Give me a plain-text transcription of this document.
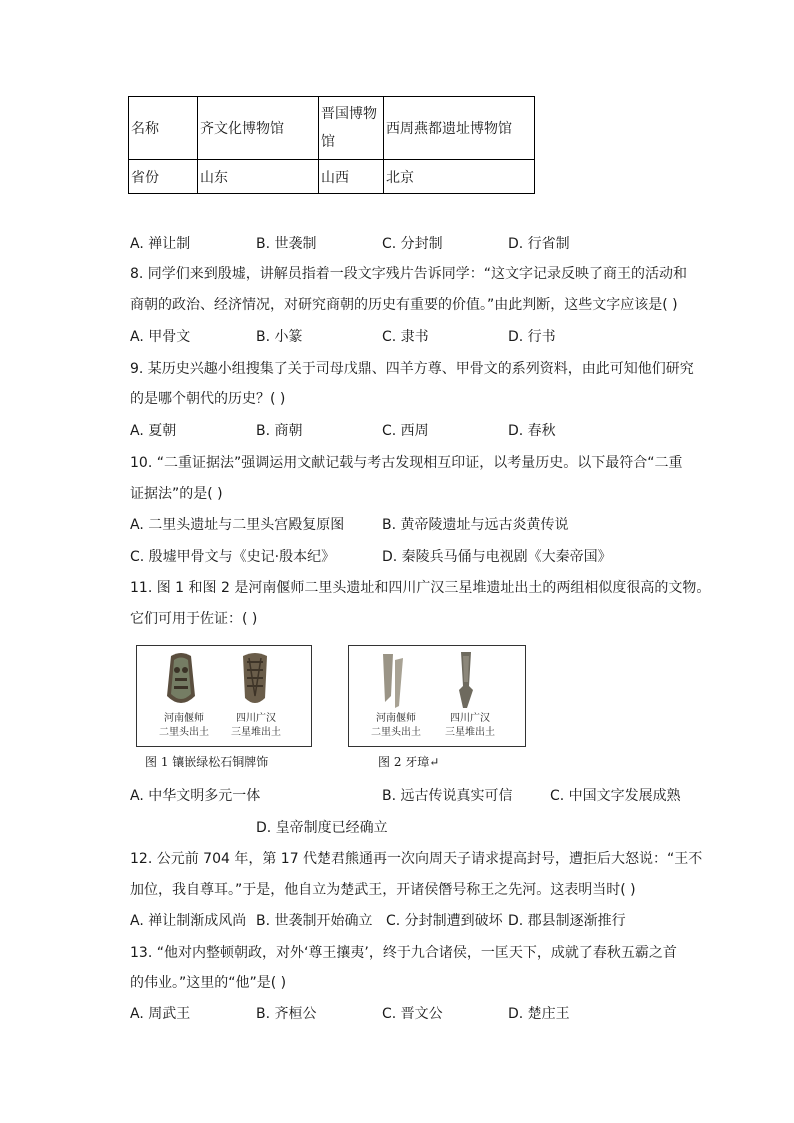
名称	齐文化博物馆	晋国博物馆	西周燕都遗址博物馆
省份	山东	山西	北京
A. 禅让制	B. 世袭制	C. 分封制	D. 行省制
8. 同学们来到殷墟，讲解员指着一段文字残片告诉同学：“这文字记录反映了商王的活动和
商朝的政治、经济情况，对研究商朝的历史有重要的价值。”由此判断，这些文字应该是( )
A. 甲骨文	B. 小篆	C. 隶书	D. 行书
9. 某历史兴趣小组搜集了关于司母戊鼎、四羊方尊、甲骨文的系列资料，由此可知他们研究
的是哪个朝代的历史？( )
A. 夏朝	B. 商朝	C. 西周	D. 春秋
10. “二重证据法”强调运用文献记载与考古发现相互印证，以考量历史。以下最符合“二重
证据法”的是( )
A. 二里头遗址与二里头宫殿复原图	B. 黄帝陵遗址与远古炎黄传说
C. 殷墟甲骨文与《史记·殷本纪》	D. 秦陵兵马俑与电视剧《大秦帝国》
11. 图 1 和图 2 是河南偃师二里头遗址和四川广汉三星堆遗址出土的两组相似度很高的文物。
它们可用于佐证：( )
河南偃师
二里头出土
四川广汉
三星堆出土
图 1 镶嵌绿松石铜牌饰
河南偃师
二里头出土
四川广汉
三星堆出土
图 2 牙璋↵
A. 中华文明多元一体	B. 远古传说真实可信	C. 中国文字发展成熟
D. 皇帝制度已经确立
12. 公元前 704 年，第 17 代楚君熊通再一次向周天子请求提高封号，遭拒后大怒说：“王不
加位，我自尊耳。”于是，他自立为楚武王，开诸侯僭号称王之先河。这表明当时( )
A. 禅让制渐成风尚 B. 世袭制开始确立 C. 分封制遭到破坏 D. 郡县制逐渐推行
13. “他对内整顿朝政，对外‘尊王攘夷’，终于九合诸侯，一匡天下，成就了春秋五霸之首
的伟业。”这里的“他”是( )
A. 周武王	B. 齐桓公	C. 晋文公	D. 楚庄王
